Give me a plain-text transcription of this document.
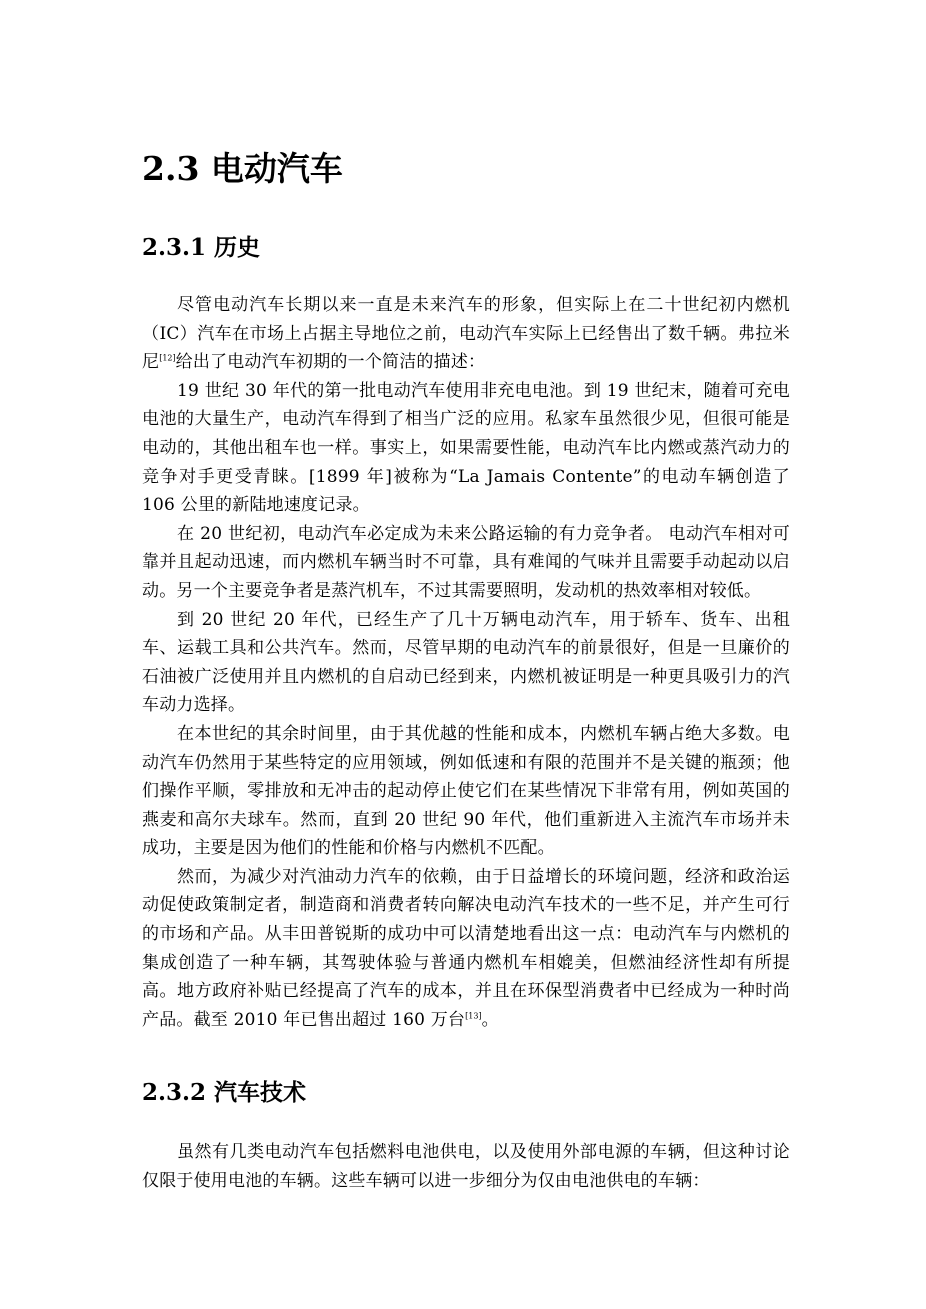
2.3 电动汽车
2.3.1 历史

尽管电动汽车长期以来一直是未来汽车的形象，但实际上在二十世纪初内燃机（IC）汽车在市场上占据主导地位之前，电动汽车实际上已经售出了数千辆。弗拉米尼[12]给出了电动汽车初期的一个简洁的描述：

19 世纪 30 年代的第一批电动汽车使用非充电电池。到 19 世纪末，随着可充电电池的大量生产，电动汽车得到了相当广泛的应用。私家车虽然很少见，但很可能是电动的，其他出租车也一样。事实上，如果需要性能，电动汽车比内燃或蒸汽动力的竞争对手更受青睐。[1899 年]被称为“La Jamais Contente”的电动车辆创造了 106 公里的新陆地速度记录。

在 20 世纪初，电动汽车必定成为未来公路运输的有力竞争者。 电动汽车相对可靠并且起动迅速，而内燃机车辆当时不可靠，具有难闻的气味并且需要手动起动以启动。另一个主要竞争者是蒸汽机车，不过其需要照明，发动机的热效率相对较低。

到 20 世纪 20 年代，已经生产了几十万辆电动汽车，用于轿车、货车、出租车、运载工具和公共汽车。然而，尽管早期的电动汽车的前景很好，但是一旦廉价的石油被广泛使用并且内燃机的自启动已经到来，内燃机被证明是一种更具吸引力的汽车动力选择。

在本世纪的其余时间里，由于其优越的性能和成本，内燃机车辆占绝大多数。电动汽车仍然用于某些特定的应用领域，例如低速和有限的范围并不是关键的瓶颈；他们操作平顺，零排放和无冲击的起动停止使它们在某些情况下非常有用，例如英国的燕麦和高尔夫球车。然而，直到 20 世纪 90 年代，他们重新进入主流汽车市场并未成功，主要是因为他们的性能和价格与内燃机不匹配。

然而，为减少对汽油动力汽车的依赖，由于日益增长的环境问题，经济和政治运动促使政策制定者，制造商和消费者转向解决电动汽车技术的一些不足，并产生可行的市场和产品。从丰田普锐斯的成功中可以清楚地看出这一点：电动汽车与内燃机的集成创造了一种车辆，其驾驶体验与普通内燃机车相媲美，但燃油经济性却有所提高。地方政府补贴已经提高了汽车的成本，并且在环保型消费者中已经成为一种时尚产品。截至 2010 年已售出超过 160 万台[13]。

2.3.2 汽车技术

虽然有几类电动汽车包括燃料电池供电，以及使用外部电源的车辆，但这种讨论仅限于使用电池的车辆。这些车辆可以进一步细分为仅由电池供电的车辆：
